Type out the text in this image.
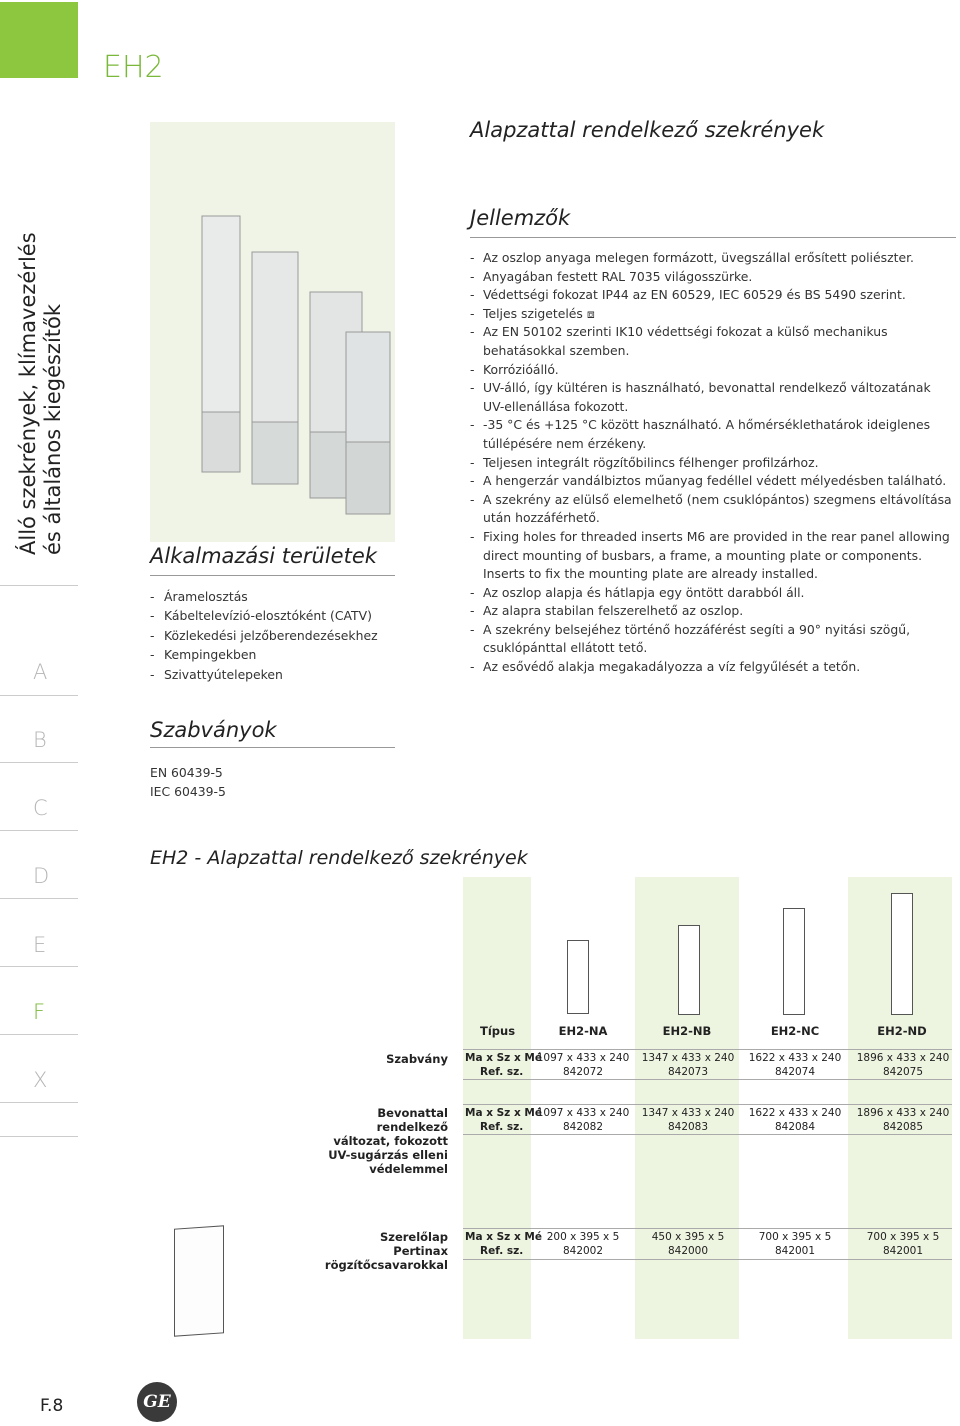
EH2
Alapzattal rendelkező szekrények
Álló szekrények, klímavezérlés és általános kiegészítők
A
B
C
D
E
F
X
Alkalmazási területek
- Áramelosztás
- Kábeltelevízió-elosztóként (CATV)
- Közlekedési jelzőberendezésekhez
- Kempingekben
- Szivattyútelepeken
Szabványok
EN 60439-5
IEC 60439-5
Jellemzők
- Az oszlop anyaga melegen formázott, üvegszállal erősített poliészter.
- Anyagában festett RAL 7035 világosszürke.
- Védettségi fokozat IP44 az EN 60529, IEC 60529 és BS 5490 szerint.
- Teljes szigetelés ⧈
- Az EN 50102 szerinti IK10 védettségi fokozat a külső mechanikus behatásokkal szemben.
- Korrózióálló.
- UV-álló, így kültéren is használható, bevonattal rendelkező változatának UV-ellenállása fokozott.
- -35 °C és +125 °C között használható. A hőmérséklethatárok ideiglenes túllépésére nem érzékeny.
- Teljesen integrált rögzítőbilincs félhenger profilzárhoz.
- A hengerzár vandálbiztos műanyag fedéllel védett mélyedésben található.
- A szekrény az elülső elemelhető (nem csuklópántos) szegmens eltávolítása után hozzáférhető.
- Fixing holes for threaded inserts M6 are provided in the rear panel allowing direct mounting of busbars, a frame, a mounting plate or components. Inserts to fix the mounting plate are already installed.
- Az oszlop alapja és hátlapja egy öntött darabból áll.
- Az alapra stabilan felszerelhető az oszlop.
- A szekrény belsejéhez történő hozzáférést segíti a 90° nyitási szögű, csuklópánttal ellátott tető.
- Az esővédő alakja megakadályozza a víz felgyűlését a tetőn.
EH2 - Alapzattal rendelkező szekrények
Típus	EH2-NA	EH2-NB	EH2-NC	EH2-ND
Szabvány Ma x Sz x Mé
Ref. sz.
1097 x 433 x 240	1347 x 433 x 240	1622 x 433 x 240	1896 x 433 x 240
842072	842073	842074	842075
Bevonattal rendelkező változat, fokozott UV-sugárzás elleni védelemmel
Ma x Sz x Mé
Ref. sz.
1097 x 433 x 240	1347 x 433 x 240	1622 x 433 x 240	1896 x 433 x 240
842082	842083	842084	842085
Szerelőlap
Pertinax rögzítőcsavarokkal
Ma x Sz x Mé
Ref. sz.
200 x 395 x 5	450 x 395 x 5	700 x 395 x 5	700 x 395 x 5
842002	842000	842001	842001
F.8	GE
